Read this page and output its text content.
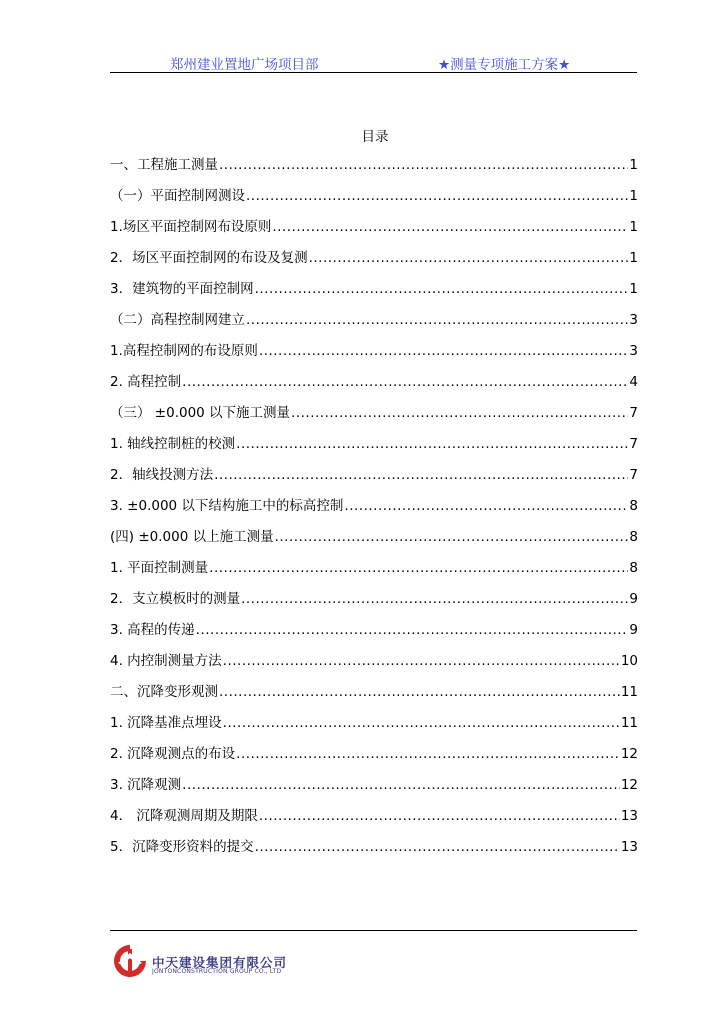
郑州建业置地广场项目部	★测量专项施工方案★
目录
一、工程施工测量 .....	1
（一）平面控制网测设 .....	1
1.场区平面控制网布设原则 .....	1
2．场区平面控制网的布设及复测 .....	1
3．建筑物的平面控制网 .....	1
（二）高程控制网建立 .....	3
1.高程控制网的布设原则 .....	3
2. 高程控制 .....	4
（三） ±0.000 以下施工测量 .....	7
1. 轴线控制桩的校测 .....	7
2．轴线投测方法 .....	7
3. ±0.000 以下结构施工中的标高控制 .....	8
(四) ±0.000 以上施工测量 .....	8
1. 平面控制测量 .....	8
2．支立模板时的测量 .....	9
3. 高程的传递 .....	9
4. 内控制测量方法 .....	10
二、沉降变形观测 .....	11
1. 沉降基准点埋设 .....	11
2. 沉降观测点的布设 .....	12
3. 沉降观测 .....	12
4． 沉降观测周期及期限 .....	13
5．沉降变形资料的提交 .....	13
中天建设集团有限公司
JONTONCONSTRUCTION GROUP CO., LTD
